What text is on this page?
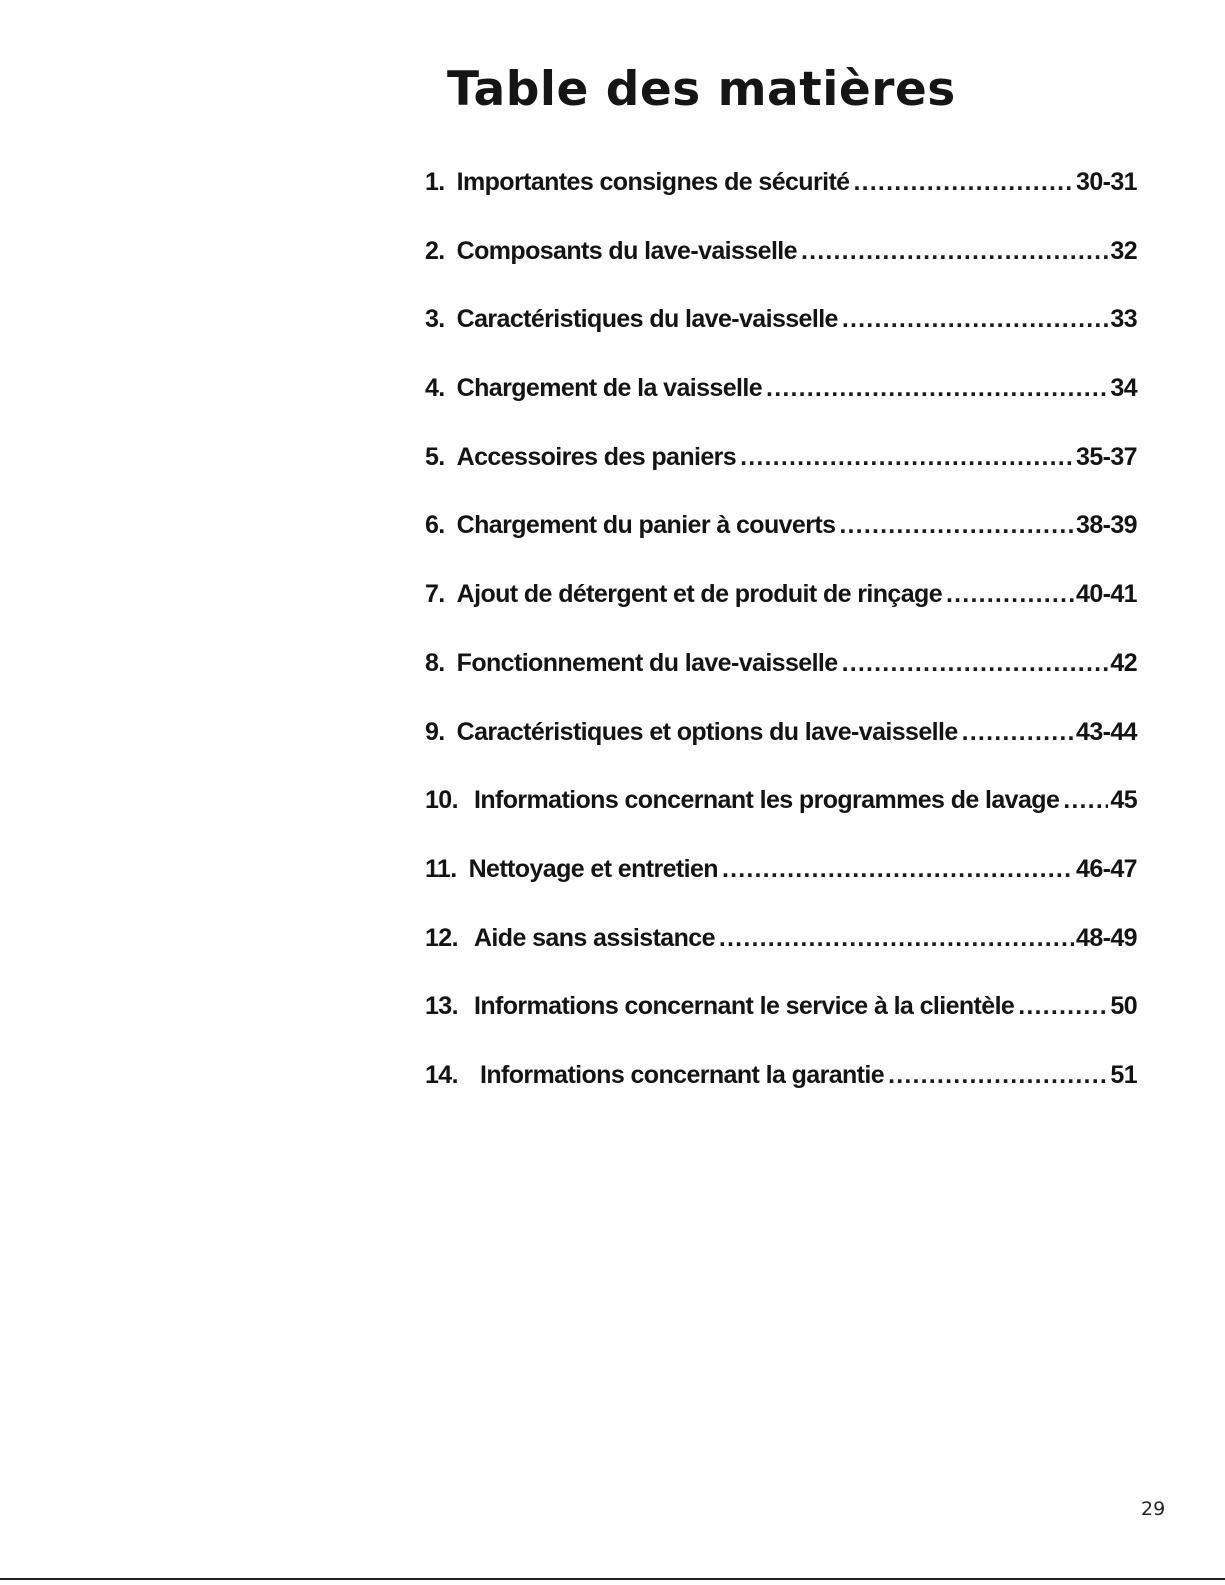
Table des matières
1. Importantes consignes de sécurité .....	30-31
2. Composants du lave-vaisselle .....	32
3. Caractéristiques du lave-vaisselle .....	33
4. Chargement de la vaisselle .....	34
5. Accessoires des paniers .....	35-37
6. Chargement du panier à couverts .....	38-39
7. Ajout de détergent et de produit de rinçage .....	40-41
8. Fonctionnement du lave-vaisselle .....	42
9. Caractéristiques et options du lave-vaisselle .....	43-44
10. Informations concernant les programmes de lavage ..... 45
11. Nettoyage et entretien .....	46-47
12. Aide sans assistance .....	48-49
13. Informations concernant le service à la clientèle .....	50
14. Informations concernant la garantie .....	51
29
